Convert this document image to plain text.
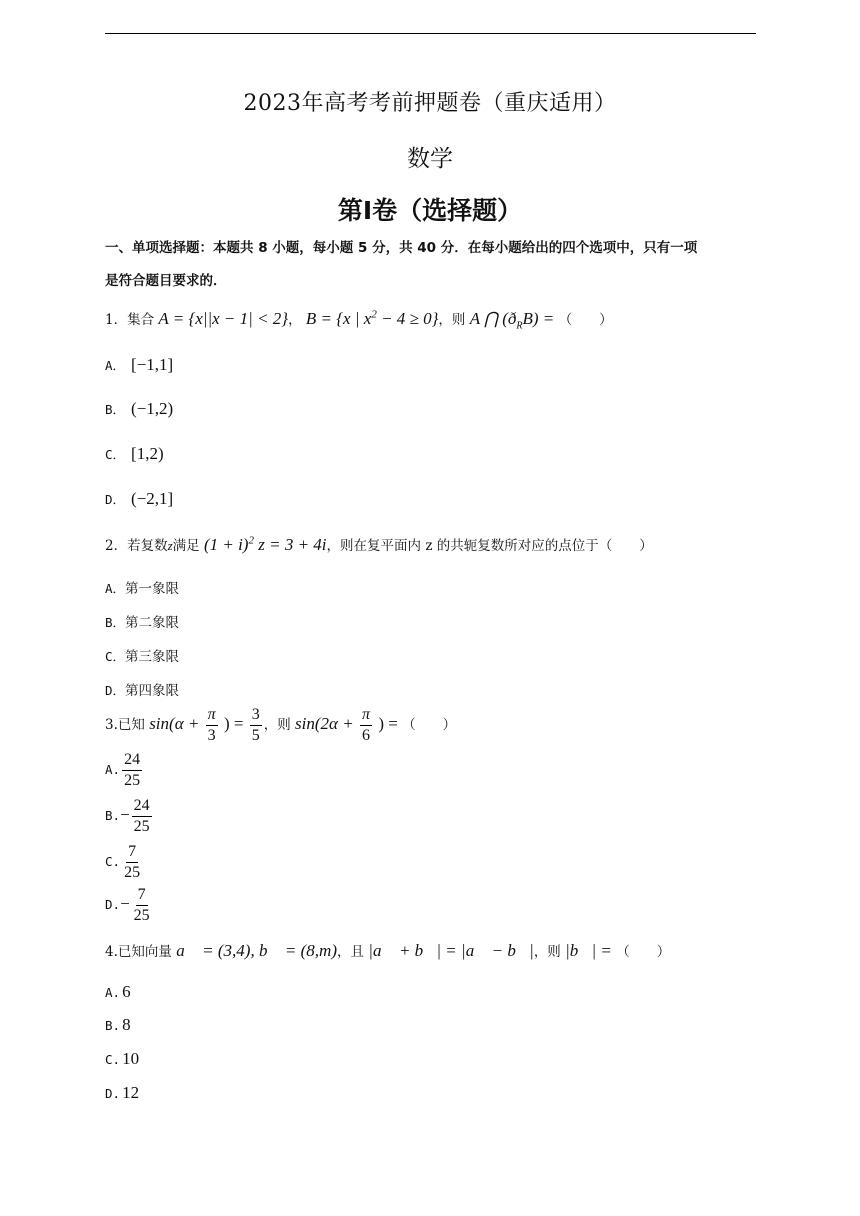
2023年高考考前押题卷（重庆适用）
数学
第Ⅰ卷（选择题）
一、单项选择题：本题共 8 小题，每小题 5 分，共 40 分．在每小题给出的四个选项中，只有一项
是符合题目要求的．
1．集合 A = {x||x − 1| < 2}， B = {x | $x^2 - 4 \ge 0$}，则 A ⋂ $(ð_RB)$ = （　　）
A． [−1,1]
B． (−1,2)
C． [1,2)
D． (−2,1]
2．若复数z满足 $(1 + i)^2$ z = 3 + 4i，则在复平面内 z 的共轭复数所对应的点位于（　　）
A．第一象限
B．第二象限
C．第三象限
D．第四象限
3.已知 $\sin(\alpha + \frac{\pi}{3}$ ) = $\frac{3}{5}$ ，则 $\sin(2\alpha + \frac{\pi}{6}$ ) = （　　）
A. $\frac{24}{25}$
$B.- \frac{24}{25}$
C. $\frac{7}{25}$
$D.- \frac{7}{25}$
4.已知向量 a⃗ = (3,4), b⃗ = (8,m)，且 |a⃗ + b⃗| = |a⃗ − b⃗|，则 |b⃗| = （　　）
A. 6
B. 8
C. 10
D. 12
